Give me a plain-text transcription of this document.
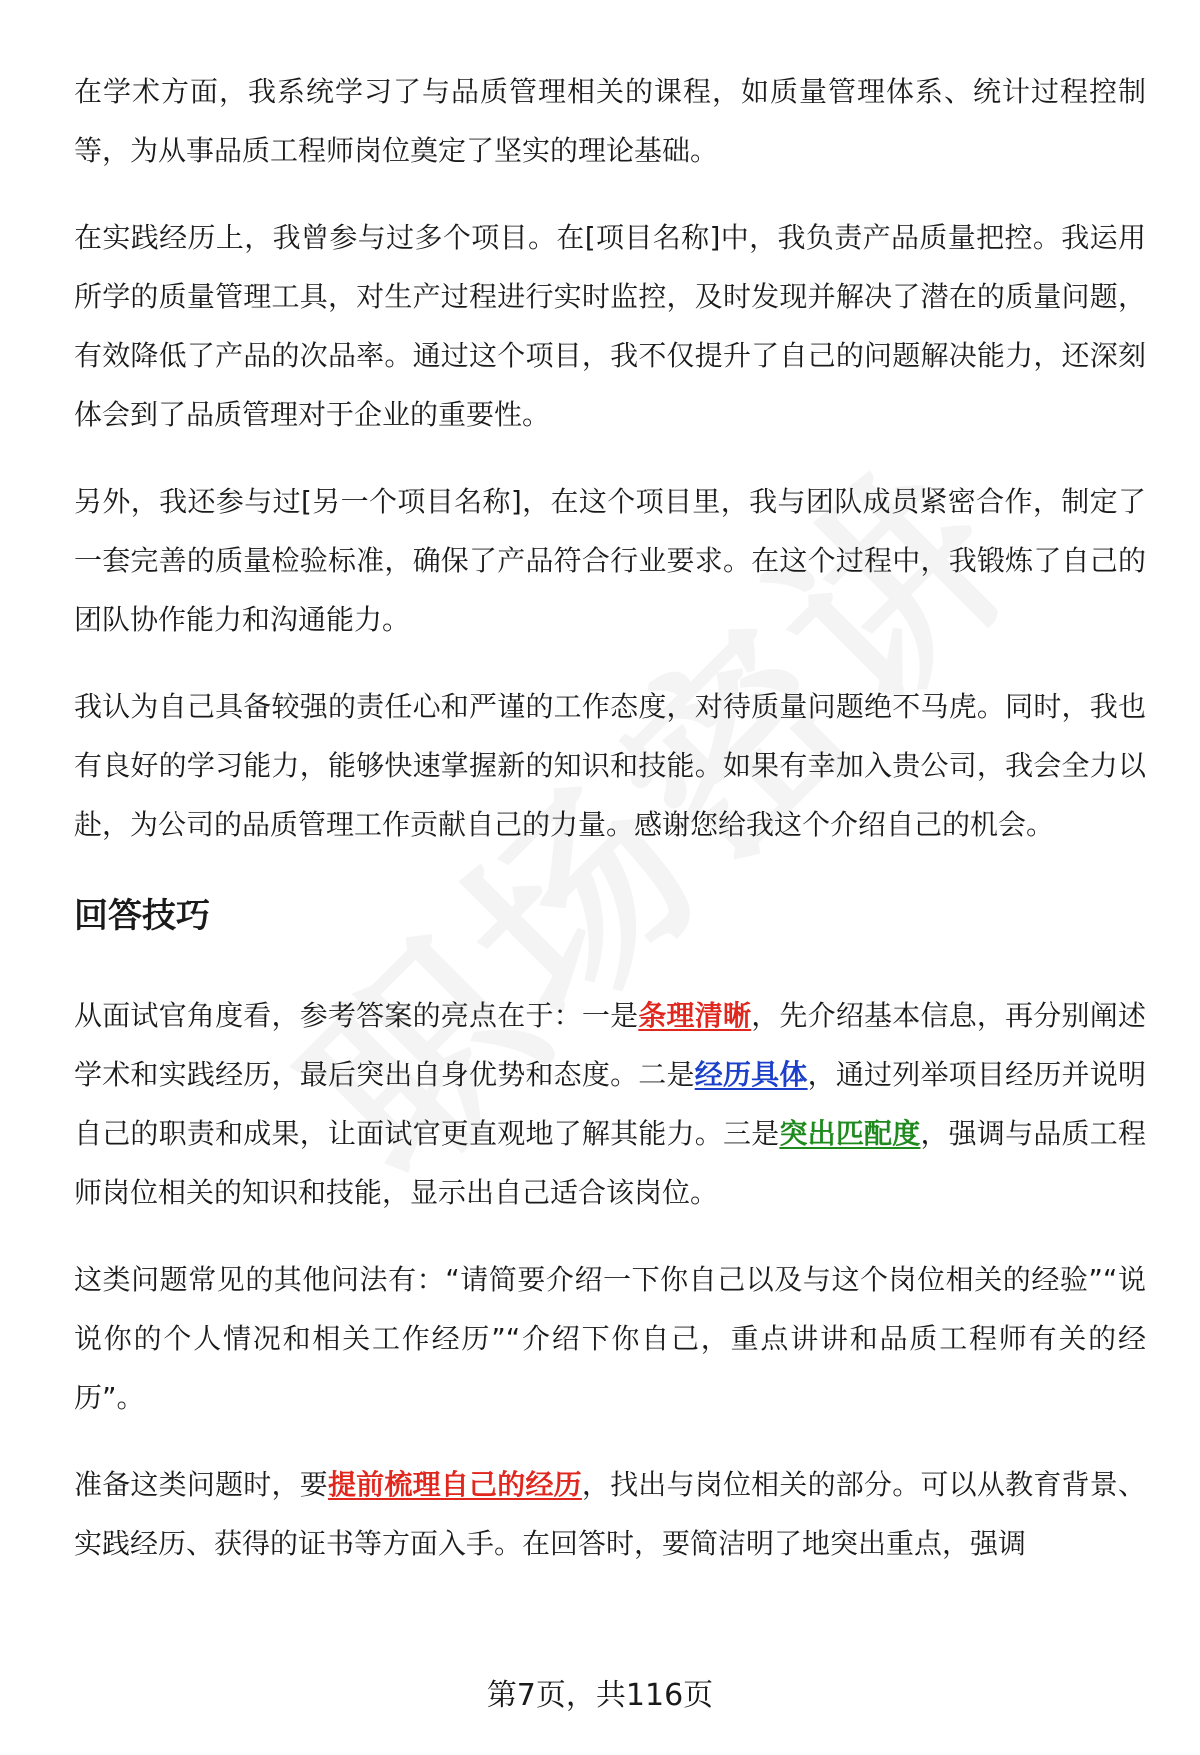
在学术方面，我系统学习了与品质管理相关的课程，如质量管理体系、统计过程控制等，为从事品质工程师岗位奠定了坚实的理论基础。

在实践经历上，我曾参与过多个项目。在[项目名称]中，我负责产品质量把控。我运用所学的质量管理工具，对生产过程进行实时监控，及时发现并解决了潜在的质量问题，有效降低了产品的次品率。通过这个项目，我不仅提升了自己的问题解决能力，还深刻体会到了品质管理对于企业的重要性。

另外，我还参与过[另一个项目名称]，在这个项目里，我与团队成员紧密合作，制定了一套完善的质量检验标准，确保了产品符合行业要求。在这个过程中，我锻炼了自己的团队协作能力和沟通能力。

我认为自己具备较强的责任心和严谨的工作态度，对待质量问题绝不马虎。同时，我也有良好的学习能力，能够快速掌握新的知识和技能。如果有幸加入贵公司，我会全力以赴，为公司的品质管理工作贡献自己的力量。感谢您给我这个介绍自己的机会。

回答技巧

从面试官角度看，参考答案的亮点在于：一是条理清晰，先介绍基本信息，再分别阐述学术和实践经历，最后突出自身优势和态度。二是经历具体，通过列举项目经历并说明自己的职责和成果，让面试官更直观地了解其能力。三是突出匹配度，强调与品质工程师岗位相关的知识和技能，显示出自己适合该岗位。

这类问题常见的其他问法有：“请简要介绍一下你自己以及与这个岗位相关的经验”“说说你的个人情况和相关工作经历”“介绍下你自己，重点讲讲和品质工程师有关的经历”。

准备这类问题时，要提前梳理自己的经历，找出与岗位相关的部分。可以从教育背景、实践经历、获得的证书等方面入手。在回答时，要简洁明了地突出重点，强调

第7页，共116页
